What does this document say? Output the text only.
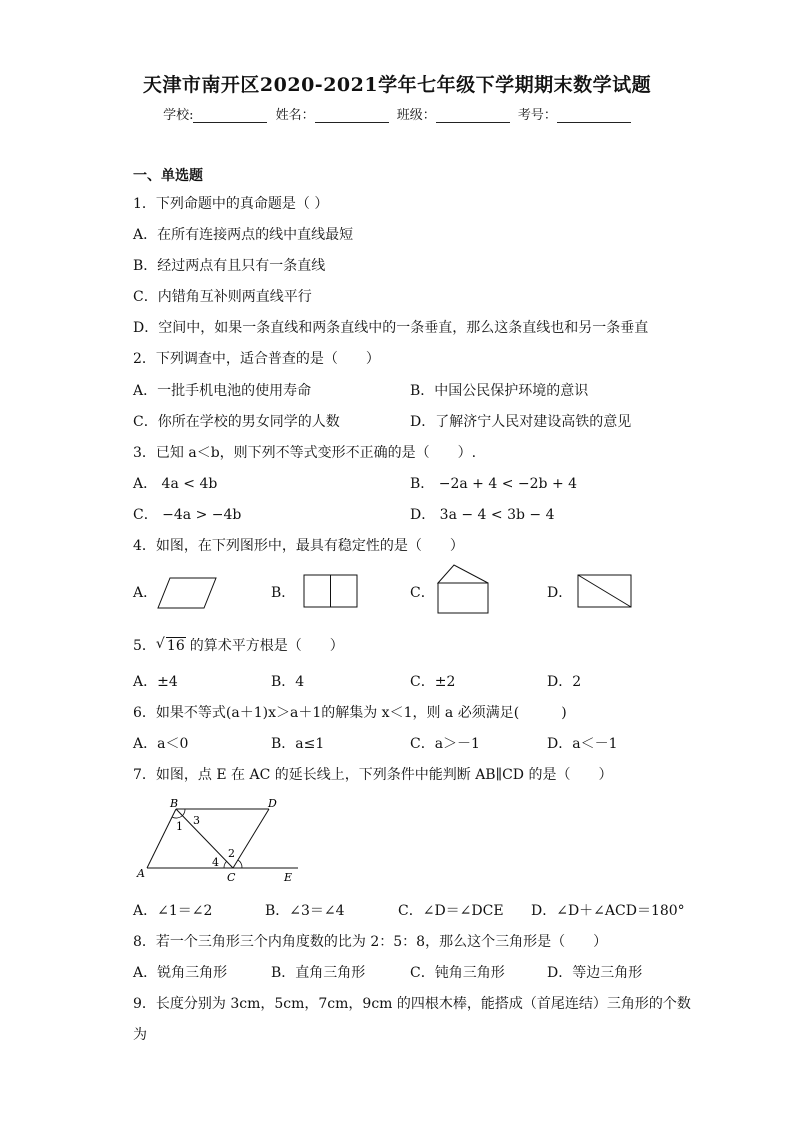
天津市南开区2020-2021学年七年级下学期期末数学试题
学校:	姓名：	班级：	考号：
一、单选题
1．下列命题中的真命题是（ ）
A．在所有连接两点的线中直线最短
B．经过两点有且只有一条直线
C．内错角互补则两直线平行
D．空间中，如果一条直线和两条直线中的一条垂直，那么这条直线也和另一条垂直
2．下列调查中，适合普查的是（　　）
A．一批手机电池的使用寿命	B．中国公民保护环境的意识
C．你所在学校的男女同学的人数	D．了解济宁人民对建设高铁的意见
3．已知 a＜b，则下列不等式变形不正确的是（　　）.
A． 4a < 4b	B． −2a + 4 < −2b + 4
C． −4a > −4b	D． 3a − 4 < 3b − 4
4．如图，在下列图形中，最具有稳定性的是（　　）
A．	B．	C．	D．
5． √ 16 的算术平方根是（　　）
A．±4	B．4	C．±2	D．2
6．如果不等式(a＋1)x＞a＋1的解集为 x＜1，则 a 必须满足(　　　)
A．a＜0	B．a≤1	C．a＞－1	D．a＜－1
7．如图，点 E 在 AC 的延长线上，下列条件中能判断 AB∥CD 的是（　　）
B	D
A	C	E
1 3
2
4
A．∠1＝∠2	B．∠3＝∠4	C．∠D＝∠DCE D．∠D＋∠ACD＝180°
8．若一个三角形三个内角度数的比为 2：5：8，那么这个三角形是（　　）
A．锐角三角形	B．直角三角形	C．钝角三角形	D．等边三角形
9．长度分别为 3cm，5cm，7cm，9cm 的四根木棒，能搭成（首尾连结）三角形的个数
为
